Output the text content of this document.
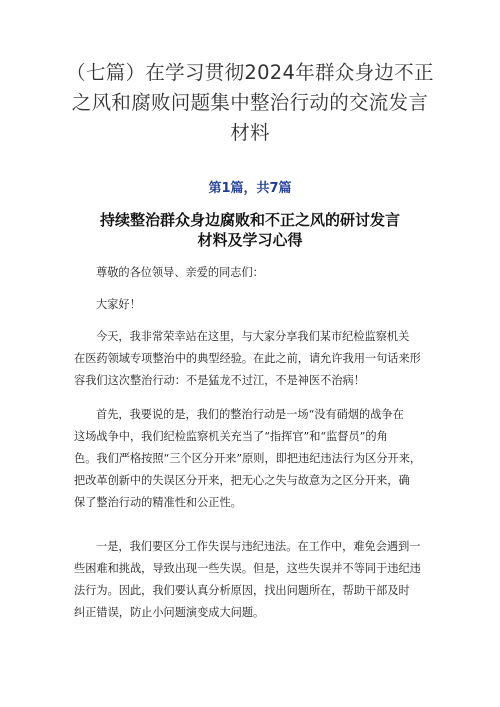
（七篇）在学习贯彻2024年群众身边不正
之风和腐败问题集中整治行动的交流发言
材料
第1篇，共7篇
持续整治群众身边腐败和不正之风的研讨发言
材料及学习心得
尊敬的各位领导、亲爱的同志们：
大家好！
今天，我非常荣幸站在这里，与大家分享我们某市纪检监察机关
在医药领域专项整治中的典型经验。在此之前，请允许我用一句话来形
容我们这次整治行动：不是猛龙不过江，不是神医不治病！
首先，我要说的是，我们的整治行动是一场“没有硝烟的战争在
这场战争中，我们纪检监察机关充当了“指挥官”和“监督员”的角
色。我们严格按照“三个区分开来”原则，即把违纪违法行为区分开来，
把改革创新中的失误区分开来，把无心之失与故意为之区分开来，确
保了整治行动的精准性和公正性。
一是，我们要区分工作失误与违纪违法。在工作中，难免会遇到一
些困难和挑战，导致出现一些失误。但是，这些失误并不等同于违纪违
法行为。因此，我们要认真分析原因，找出问题所在，帮助干部及时
纠正错误，防止小问题演变成大问题。
